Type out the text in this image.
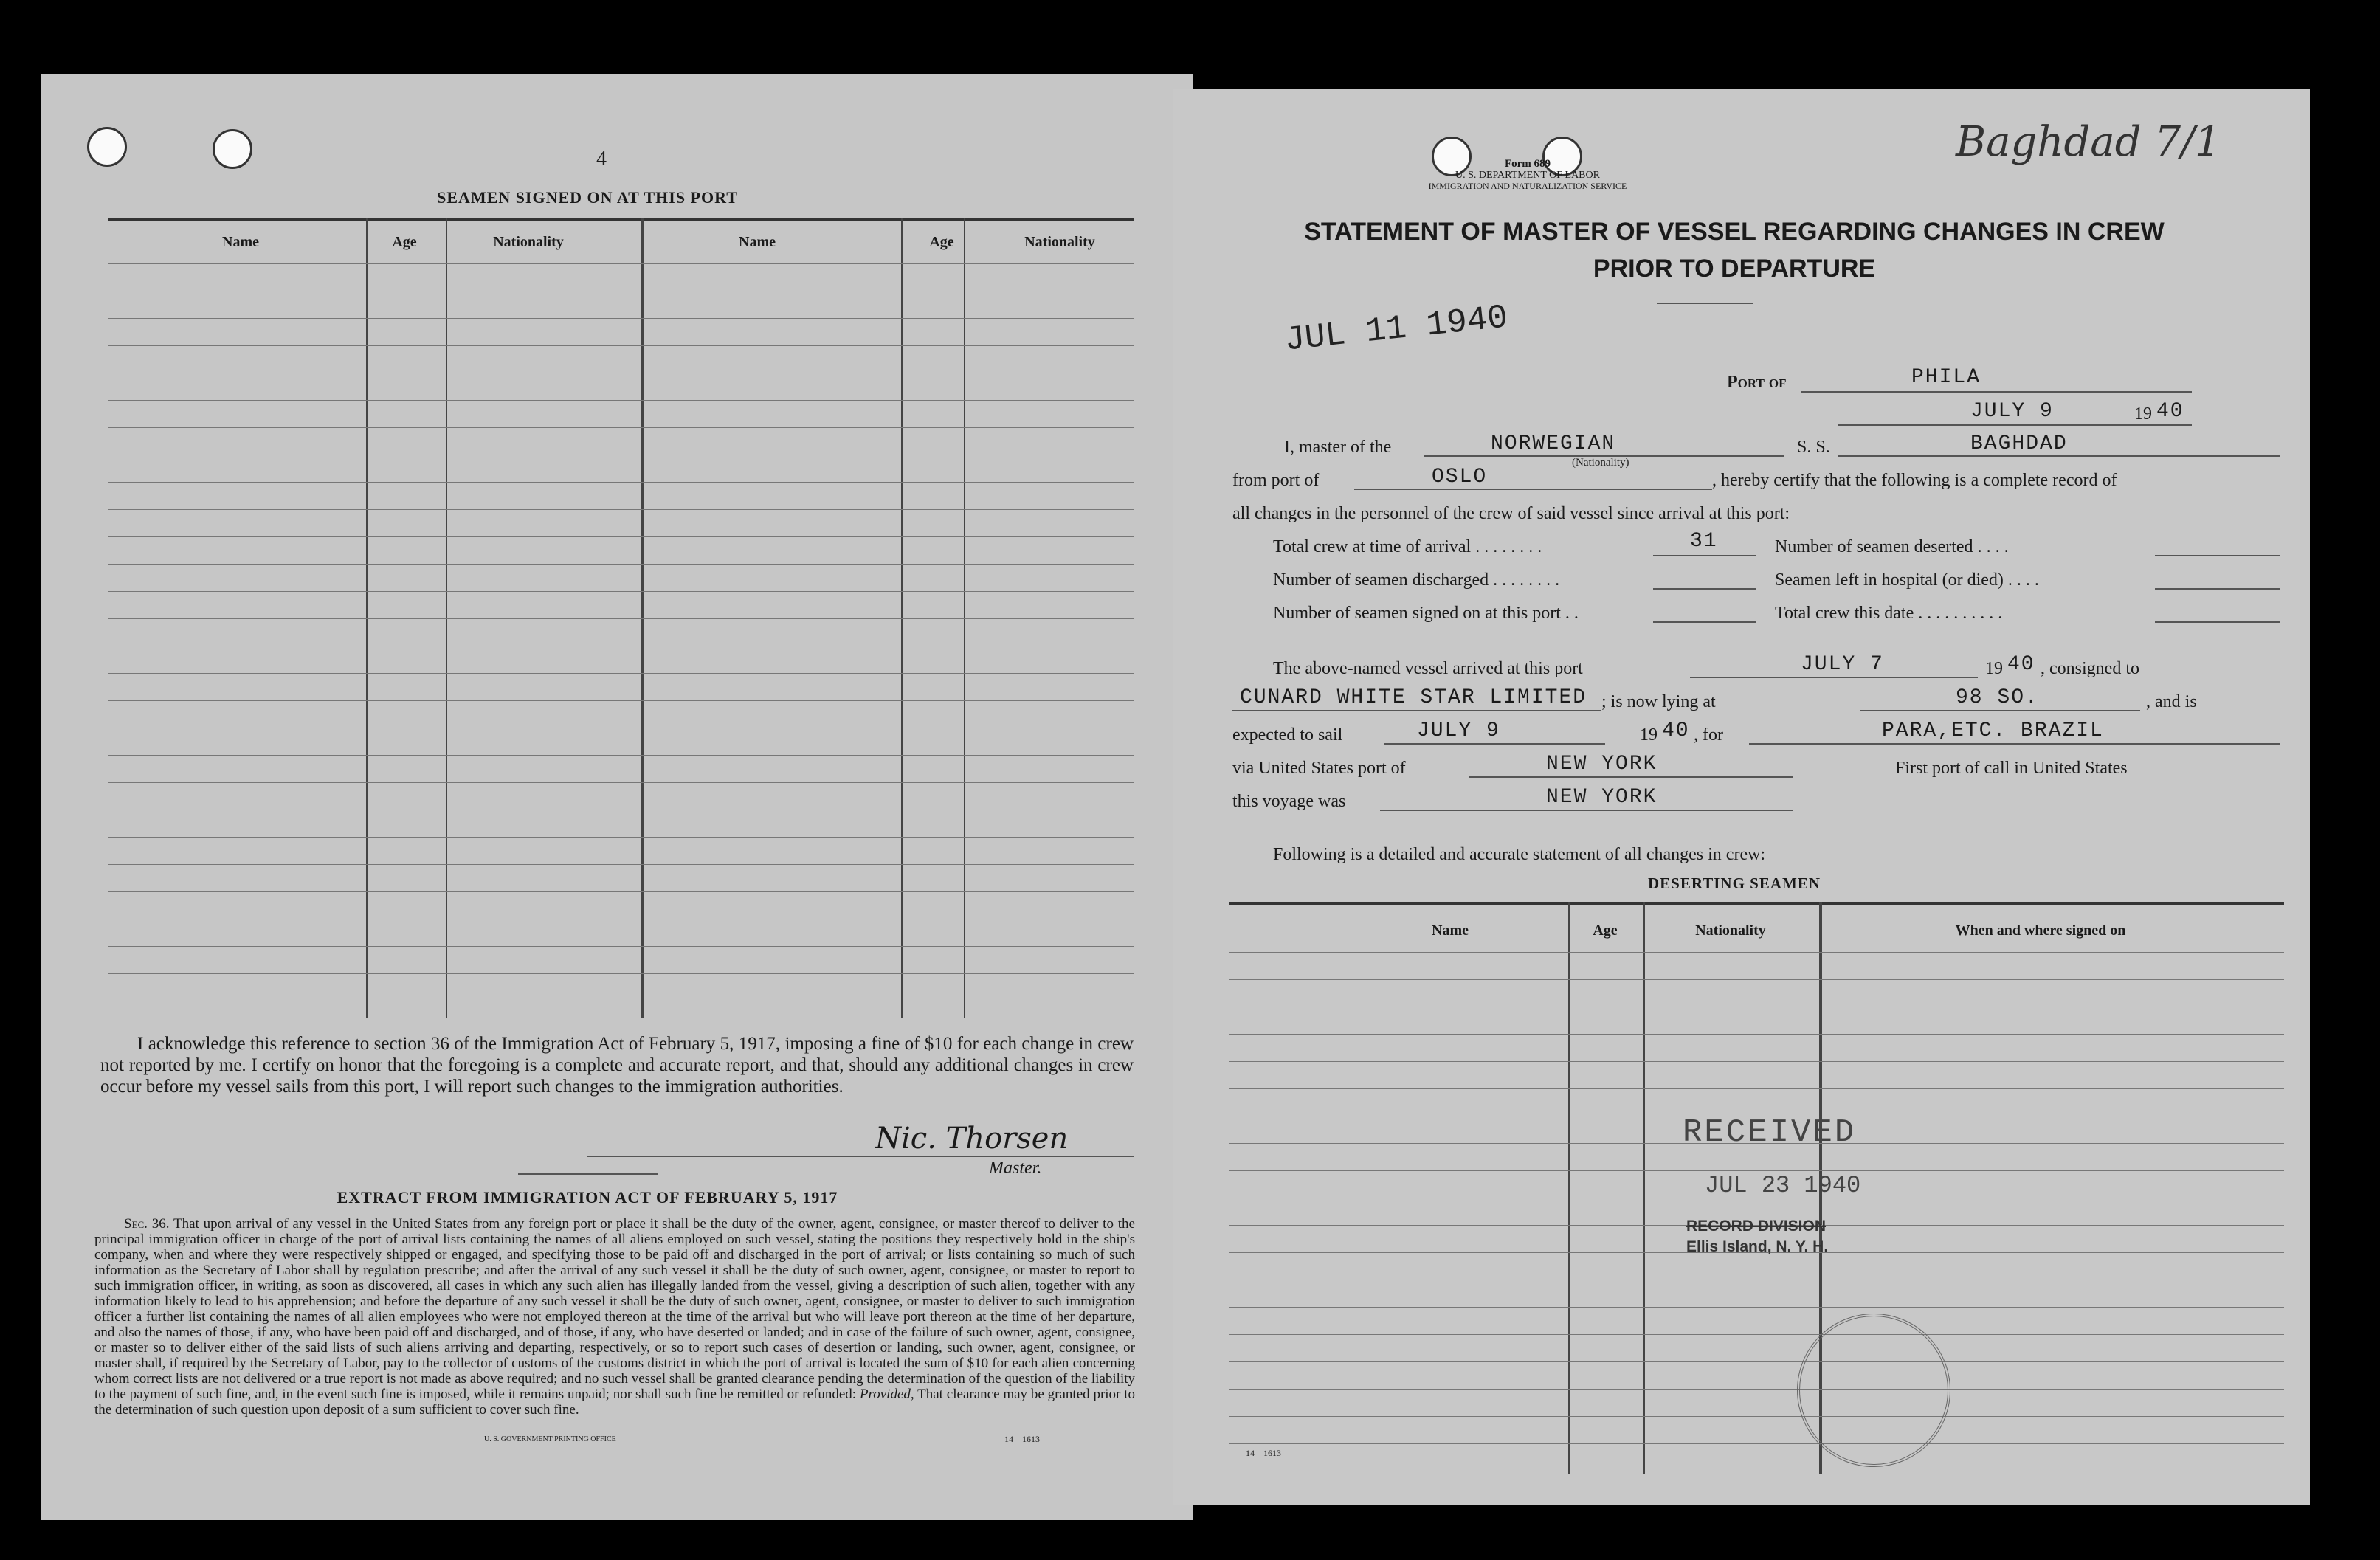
4
SEAMEN SIGNED ON AT THIS PORT
Name	Age	Nationality	Name	Age	Nationality
I acknowledge this reference to section 36 of the Immigration Act of February 5, 1917, imposing a fine of $10 for each change in crew not reported by me. I certify on honor that the foregoing is a complete and accurate report, and that, should any additional changes in crew occur before my vessel sails from this port, I will report such changes to the immigration authorities.
Nic. Thorsen
Master.
EXTRACT FROM IMMIGRATION ACT OF FEBRUARY 5, 1917
Sec. 36. That upon arrival of any vessel in the United States from any foreign port or place it shall be the duty of the owner, agent, consignee, or master thereof to deliver to the principal immigration officer in charge of the port of arrival lists containing the names of all aliens employed on such vessel, stating the positions they respectively hold in the ship's company, when and where they were respectively shipped or engaged, and specifying those to be paid off and discharged in the port of arrival; or lists containing so much of such information as the Secretary of Labor shall by regulation prescribe; and after the arrival of any such vessel it shall be the duty of such owner, agent, consignee, or master to report to such immigration officer, in writing, as soon as discovered, all cases in which any such alien has illegally landed from the vessel, giving a description of such alien, together with any information likely to lead to his apprehension; and before the departure of any such vessel it shall be the duty of such owner, agent, consignee, or master to deliver to such immigration officer a further list containing the names of all alien employees who were not employed thereon at the time of the arrival but who will leave port thereon at the time of her departure, and also the names of those, if any, who have been paid off and discharged, and of those, if any, who have deserted or landed; and in case of the failure of such owner, agent, consignee, or master so to deliver either of the said lists of such aliens arriving and departing, respectively, or so to report such cases of desertion or landing, such owner, agent, consignee, or master shall, if required by the Secretary of Labor, pay to the collector of customs of the customs district in which the port of arrival is located the sum of $10 for each alien concerning whom correct lists are not delivered or a true report is not made as above required; and no such vessel shall be granted clearance pending the determination of the question of the liability to the payment of such fine, and, in the event such fine is imposed, while it remains unpaid; nor shall such fine be remitted or refunded: Provided, That clearance may be granted prior to the determination of such question upon deposit of a sum sufficient to cover such fine.
U. S. GOVERNMENT PRINTING OFFICE	14—1613
Form 689
U. S. DEPARTMENT OF LABOR
IMMIGRATION AND NATURALIZATION SERVICE
Baghdad 7/1
STATEMENT OF MASTER OF VESSEL REGARDING CHANGES IN CREW
PRIOR TO DEPARTURE
JUL 11 1940
Port of	PHILA
JULY 9	19 40
I, master of the	NORWEGIAN
(Nationality)
S. S.	BAGHDAD
from port of	OSLO	, hereby certify that the following is a complete record of
all changes in the personnel of the crew of said vessel since arrival at this port:
Total crew at time of arrival . . . . . . . .	31	Number of seamen deserted . . . .
Number of seamen discharged . . . . . . . .	Seamen left in hospital (or died) . . . .
Number of seamen signed on at this port . .	Total crew this date . . . . . . . . . .
The above-named vessel arrived at this port	JULY 7	19 40 , consigned to
CUNARD WHITE STAR LIMITED ; is now lying at	98 SO.	, and is
expected to sail	JULY 9	19 40 , for	PARA,ETC. BRAZIL
via United States port of	NEW YORK	First port of call in United States
this voyage was	NEW YORK
Following is a detailed and accurate statement of all changes in crew:
DESERTING SEAMEN
Name	Age	Nationality	When and where signed on
RECEIVED
JUL 23 1940
RECORD DIVISION
Ellis Island, N. Y. H.
14—1613
